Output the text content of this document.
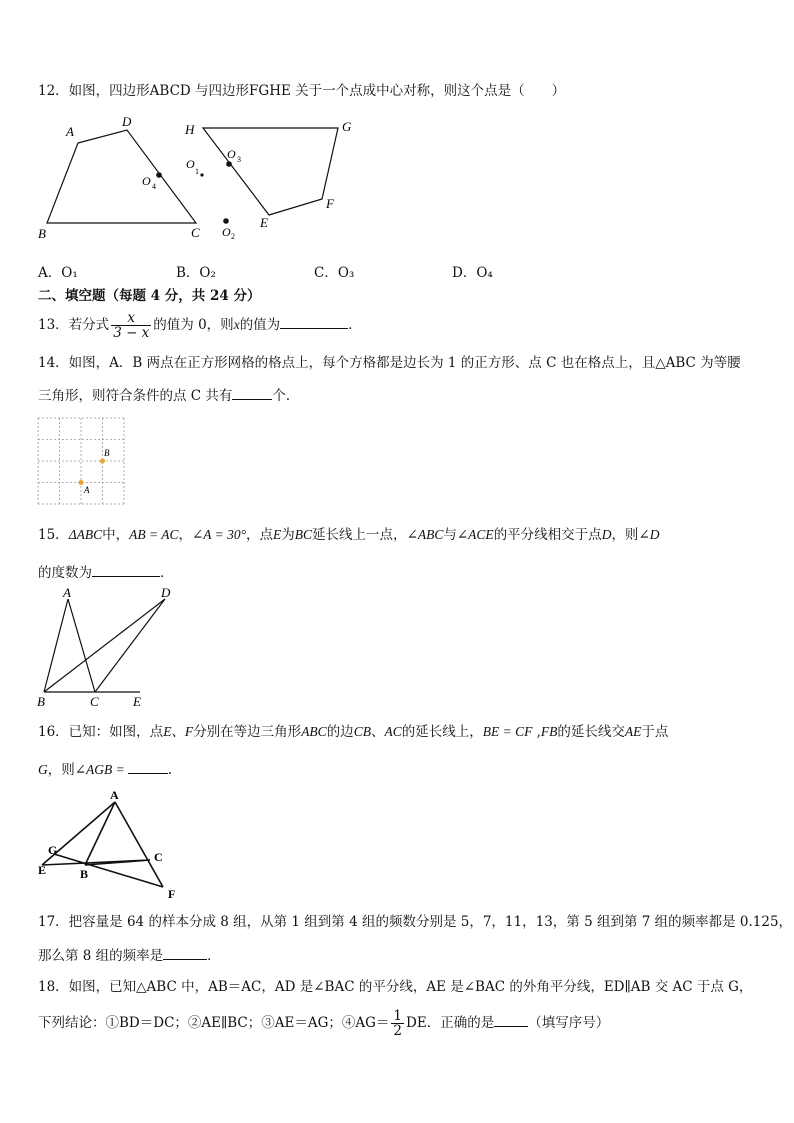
12．如图，四边形ABCD 与四边形FGHE 关于一个点成中心对称，则这个点是（　　）
A
D
B	C
H	G
F
E
O 4
O 3
O
1
O 2
A．O₁	B．O₂	C．O₃	D．O₄
二、填空题（每题 4 分，共 24 分）
13．若分式 $\frac{x}{3 - x}$ 的值为 0，则x的值为	．
14．如图，A．B 两点在正方形网格的格点上，每个方格都是边长为 1 的正方形、点 C 也在格点上，且△ABC 为等腰
三角形，则符合条件的点 C 共有	个．
A
B
15．ΔABC中，AB = AC，∠A = 30°，点E为BC延长线上一点，∠ABC与∠ACE的平分线相交于点D，则∠D
的度数为	．
A	D
B	C	E
16．已知：如图，点E、F分别在等边三角形ABC的边CB、AC的延长线上，BE = CF ,FB的延长线交AE于点
G，则∠AGB =	.
A
G	C
E	B
F
17．把容量是 64 的样本分成 8 组，从第 1 组到第 4 组的频数分别是 5，7，11，13，第 5 组到第 7 组的频率都是 0.125，
那么第 8 组的频率是	．
18．如图，已知△ABC 中，AB＝AC，AD 是∠BAC 的平分线，AE 是∠BAC 的外角平分线，ED∥AB 交 AC 于点 G，
下列结论：①BD＝DC；②AE∥BC；③AE＝AG；④AG＝ $\frac{1}{2}$ DE．正确的是	（填写序号）
